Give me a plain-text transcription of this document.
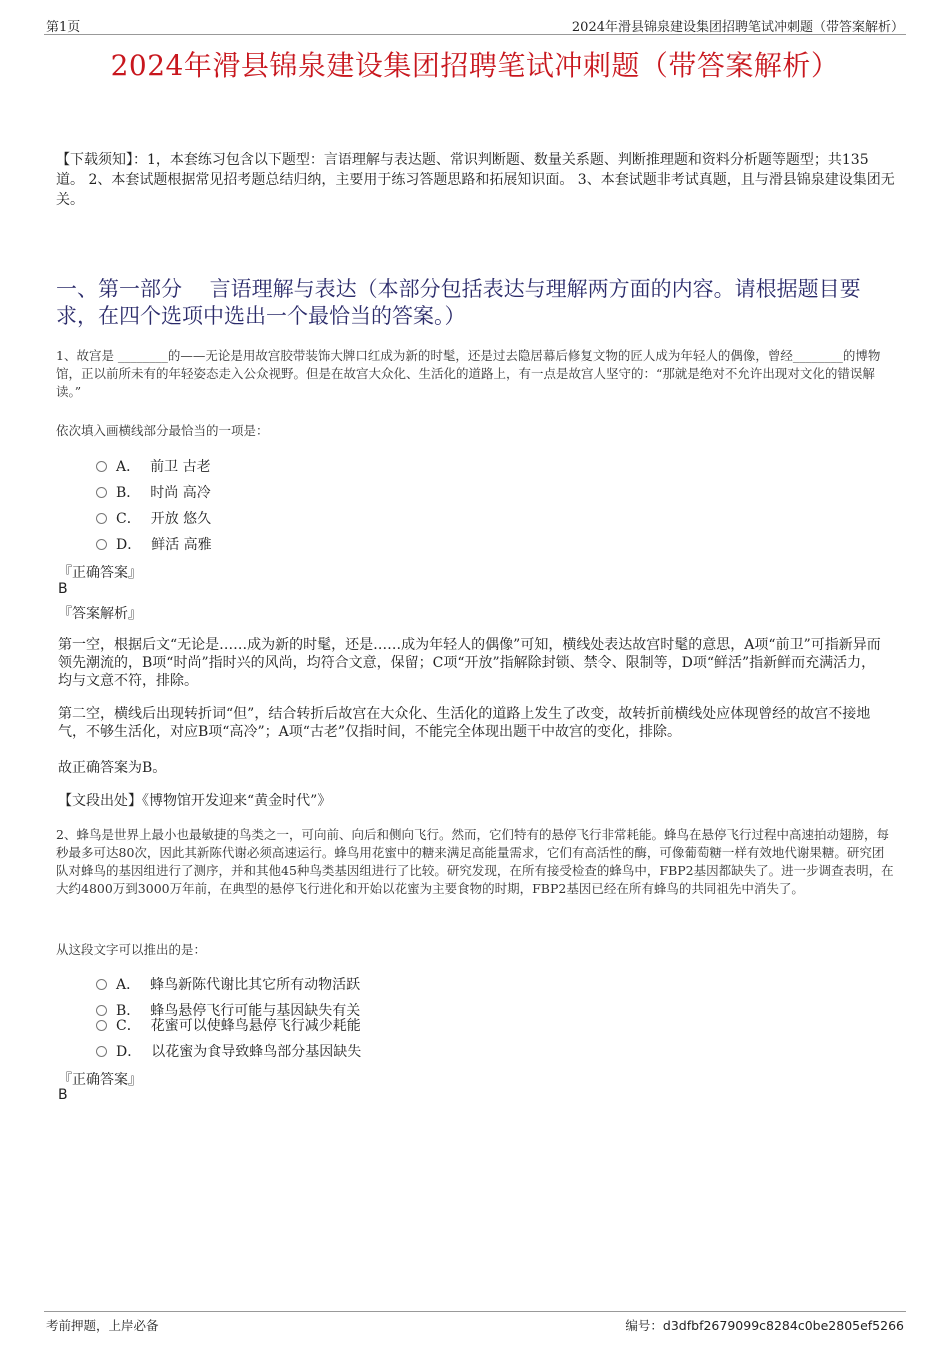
第1页	2024年滑县锦泉建设集团招聘笔试冲刺题（带答案解析）
2024年滑县锦泉建设集团招聘笔试冲刺题（带答案解析）
【下载须知】：1，本套练习包含以下题型：言语理解与表达题、常识判断题、数量关系题、判断推理题和资料分析题等题型；共135道。 2、本套试题根据常见招考题总结归纳，主要用于练习答题思路和拓展知识面。 3、本套试题非考试真题，且与滑县锦泉建设集团无关。
一、第一部分　 言语理解与表达（本部分包括表达与理解两方面的内容。请根据题目要求，在四个选项中选出一个最恰当的答案。）
1、故宫是 ________的——无论是用故宫胶带装饰大牌口红成为新的时髦，还是过去隐居幕后修复文物的匠人成为年轻人的偶像，曾经________的博物馆，正以前所未有的年轻姿态走入公众视野。但是在故宫大众化、生活化的道路上，有一点是故宫人坚守的：“那就是绝对不允许出现对文化的错误解读。”
依次填入画横线部分最恰当的一项是：
A． 前卫 古老
B． 时尚 高冷
C． 开放 悠久
D． 鲜活 高雅
『正确答案』
B
『答案解析』
第一空，根据后文“无论是……成为新的时髦，还是……成为年轻人的偶像”可知，横线处表达故宫时髦的意思，A项“前卫”可指新异而领先潮流的，B项“时尚”指时兴的风尚，均符合文意，保留；C项“开放”指解除封锁、禁令、限制等，D项“鲜活”指新鲜而充满活力，均与文意不符，排除。
第二空，横线后出现转折词“但”，结合转折后故宫在大众化、生活化的道路上发生了改变，故转折前横线处应体现曾经的故宫不接地气，不够生活化，对应B项“高冷”；A项“古老”仅指时间，不能完全体现出题干中故宫的变化，排除。
故正确答案为B。
【文段出处】《博物馆开发迎来“黄金时代”》
2、蜂鸟是世界上最小也最敏捷的鸟类之一，可向前、向后和侧向飞行。然而，它们特有的悬停飞行非常耗能。蜂鸟在悬停飞行过程中高速拍动翅膀，每秒最多可达80次，因此其新陈代谢必须高速运行。蜂鸟用花蜜中的糖来满足高能量需求，它们有高活性的酶，可像葡萄糖一样有效地代谢果糖。研究团队对蜂鸟的基因组进行了测序，并和其他45种鸟类基因组进行了比较。研究发现，在所有接受检查的蜂鸟中，FBP2基因都缺失了。进一步调查表明，在大约4800万到3000万年前，在典型的悬停飞行进化和开始以花蜜为主要食物的时期，FBP2基因已经在所有蜂鸟的共同祖先中消失了。
从这段文字可以推出的是：
A． 蜂鸟新陈代谢比其它所有动物活跃
B． 蜂鸟悬停飞行可能与基因缺失有关
C． 花蜜可以使蜂鸟悬停飞行减少耗能
D． 以花蜜为食导致蜂鸟部分基因缺失
『正确答案』
B
考前押题，上岸必备	编号：d3dfbf2679099c8284c0be2805ef5266
